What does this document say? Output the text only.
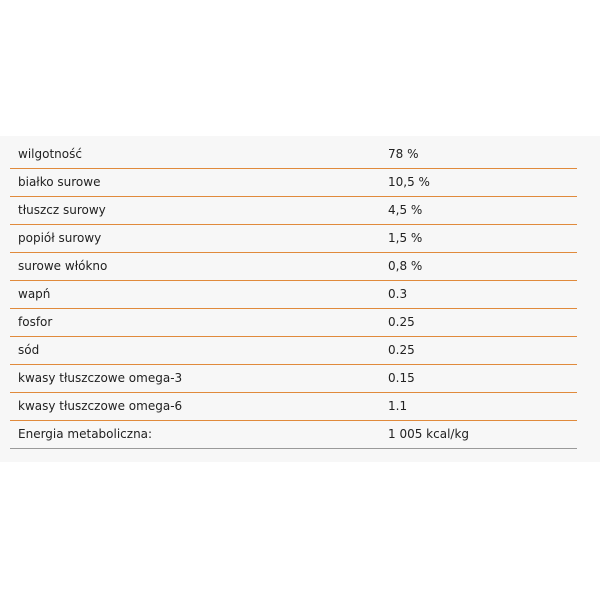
wilgotność	78 %
białko surowe	10,5 %
tłuszcz surowy	4,5 %
popiół surowy	1,5 %
surowe włókno	0,8 %
wapń	0.3
fosfor	0.25
sód	0.25
kwasy tłuszczowe omega-3	0.15
kwasy tłuszczowe omega-6	1.1
Energia metaboliczna:	1 005 kcal/kg
